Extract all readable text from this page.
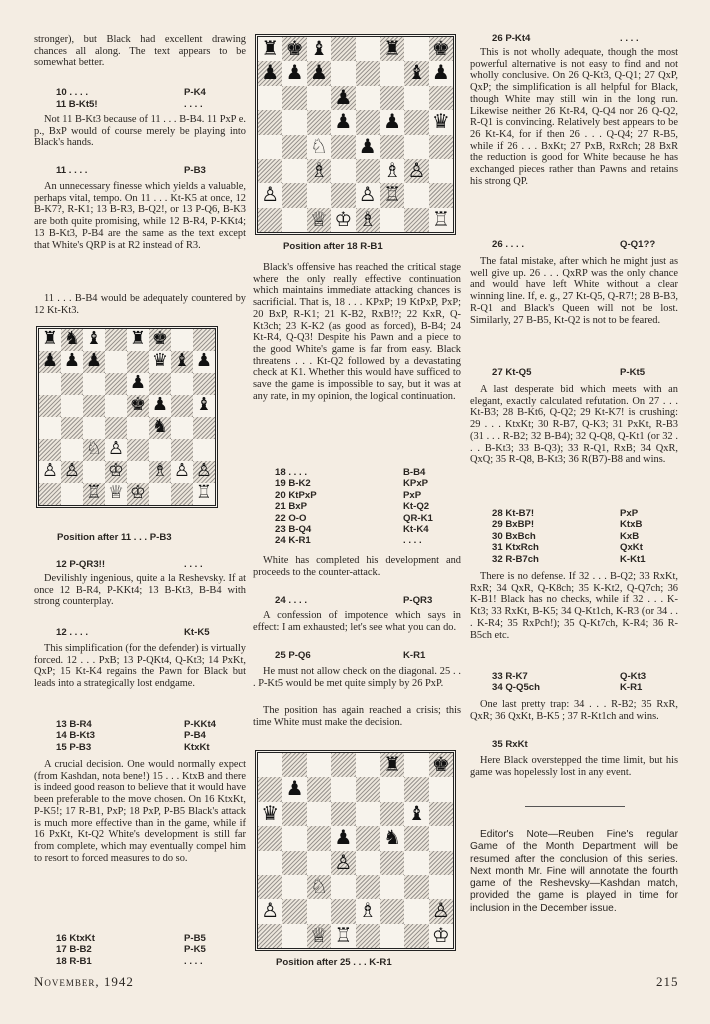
stronger), but Black had excellent drawing chances all along. The text appears to be somewhat better.

10 . . . .	P-K4
11 B-Kt5!	. . . .

Not 11 B-Kt3 because of 11 . . . B-B4. 11 PxP e. p., BxP would of course merely be playing into Black's hands.

11 . . . .	P-B3

An unnecessary finesse which yields a valuable, perhaps vital, tempo. On 11 . . . Kt-K5 at once, 12 B-K7?, R-K1; 13 B-R3, B-Q2!, or 13 P-Q6, B-K3 are both quite promising, while 12 B-R4, P-KKt4; 13 B-Kt3, P-B4 are the same as the text except that White's QRP is at R2 instead of R3.

11 . . . B-B4 would be adequately countered by 12 Kt-Kt3.

♜ ♞ ♝ ♜ ♚
♟ ♟ ♟	♛ ♝ ♟
♟
♚ ♟ ♝
♞
♘ ♙
♙ ♙ ♔ ♗ ♙ ♙
♖ ♕ ♔	♖
Position after 11 . . . P-B3
12 P-QR3!!	. . . .

Devilishly ingenious, quite a la Reshevsky. If at once 12 B-R4, P-KKt4; 13 B-Kt3, B-B4 with strong counterplay.

12 . . . .	Kt-K5

This simplification (for the defender) is virtually forced. 12 . . . PxB; 13 P-QKt4, Q-Kt3; 14 PxKt, QxP; 15 Kt-K4 regains the Pawn for Black but leads into a strategically lost endgame.

13 B-R4	P-KKt4
14 B-Kt3	P-B4
15 P-B3	KtxKt

A crucial decision. One would normally expect (from Kashdan, nota bene!) 15 . . . KtxB and there is indeed good reason to believe that it would have been preferable to the move chosen. On 16 KtxKt, P-K5!; 17 R-B1, PxP; 18 PxP, P-B5 Black's attack is much more effective than in the game, while if 16 PxKt, Kt-Q2 White's development is still far from complete, which may eventually compel him to resort to forced measures to do so.

16 KtxKt	P-B5
17 B-B2	P-K5
18 R-B1	. . . .
♜ ♚ ♝	♜ ♚
♟ ♟ ♟	♝ ♟
♟
♟ ♟ ♛
♘ ♟
♗	♗ ♙
♙	♙ ♖
♕ ♔ ♗	♖
Position after 18 R-B1

Black's offensive has reached the critical stage where the only really effective continuation which maintains immediate attacking chances is sacrificial. That is, 18 . . . KPxP; 19 KtPxP, PxP; 20 BxP, R-K1; 21 K-B2, RxB!?; 22 KxR, Q-Kt3ch; 23 K-K2 (as good as forced), B-B4; 24 Kt-R4, Q-Q3! Despite his Pawn and a piece to the good White's game is far from easy. Black threatens . . . Kt-Q2 followed by a devastating check at K1. Whether this would have sufficed to save the game is impossible to say, but it was at any rate, in my opinion, the logical continuation.

18 . . . .	B-B4
19 B-K2	KPxP
20 KtPxP	PxP
21 BxP	Kt-Q2
22 O-O	QR-K1
23 B-Q4	Kt-K4
24 K-R1	. . . .

White has completed his development and proceeds to the counter-attack.

24 . . . .	P-QR3

A confession of impotence which says in effect: I am exhausted; let's see what you can do.

25 P-Q6	K-R1

He must not allow check on the diagonal. 25 . . . P-Kt5 would be met quite simply by 26 PxP.

The position has again reached a crisis; this time White must make the decision.

♜ ♚
♟
♛	♝
♟ ♞
♙
♘
♙	♗	♙
♕ ♖	♔
Position after 25 . . . K-R1
26 P-Kt4	. . . .

This is not wholly adequate, though the most powerful alternative is not easy to find and not wholly conclusive. On 26 Q-Kt3, Q-Q1; 27 QxP, QxP; the simplification is all helpful for Black, though White may still win in the long run. Likewise neither 26 Kt-R4, Q-Q4 nor 26 Q-Q2, R-Q1 is convincing. Relatively best appears to be 26 Kt-K4, for if then 26 . . . Q-Q4; 27 R-B5, while if 26 . . . BxKt; 27 PxB, RxRch; 28 BxR the reduction is good for White because he has exchanged pieces rather than Pawns and retains his strong QP.

26 . . . .	Q-Q1??

The fatal mistake, after which he might just as well give up. 26 . . . QxRP was the only chance and would have left White without a clear winning line. If, e. g., 27 Kt-Q5, Q-R7!; 28 B-B3, R-Q1 and Black's Queen will not be lost. Similarly, 27 B-B5, Kt-Q2 is not to be feared.

27 Kt-Q5	P-Kt5

A last desperate bid which meets with an elegant, exactly calculated refutation. On 27 . . . Kt-B3; 28 B-Kt6, Q-Q2; 29 Kt-K7! is crushing: 29 . . . KtxKt; 30 R-B7, Q-K3; 31 PxKt, R-B3 (31 . . . R-B2; 32 B-B4); 32 Q-Q8, Q-Kt1 (or 32 . . . B-Kt3; 33 B-Q3); 33 R-Q1, RxB; 34 QxR, QxQ; 35 R-Q8, B-Kt3; 36 R(B7)-B8 and wins.

28 Kt-B7!	PxP
29 BxBP!	KtxB
30 BxBch	KxB
31 KtxRch	QxKt
32 R-B7ch	K-Kt1

There is no defense. If 32 . . . B-Q2; 33 RxKt, RxR; 34 QxR, Q-K8ch; 35 K-Kt2, Q-Q7ch; 36 K-B1! Black has no checks, while if 32 . . . K-Kt3; 33 RxKt, B-K5; 34 Q-Kt1ch, K-R3 (or 34 . . . K-R4; 35 RxPch!); 35 Q-Kt7ch, K-R4; 36 R-B5ch etc.

33 R-K7	Q-Kt3
34 Q-Q5ch	K-R1

One last pretty trap: 34 . . . R-B2; 35 RxR, QxR; 36 QxKt, B-K5 ; 37 R-Kt1ch and wins.

35 RxKt

Here Black overstepped the time limit, but his game was hopelessly lost in any event.

Editor's Note—Reuben Fine's regular Game of the Month Department will be resumed after the conclusion of this series. Next month Mr. Fine will annotate the fourth game of the Reshevsky—Kashdan match, provided the game is played in time for inclusion in the December issue.

November, 1942	215
